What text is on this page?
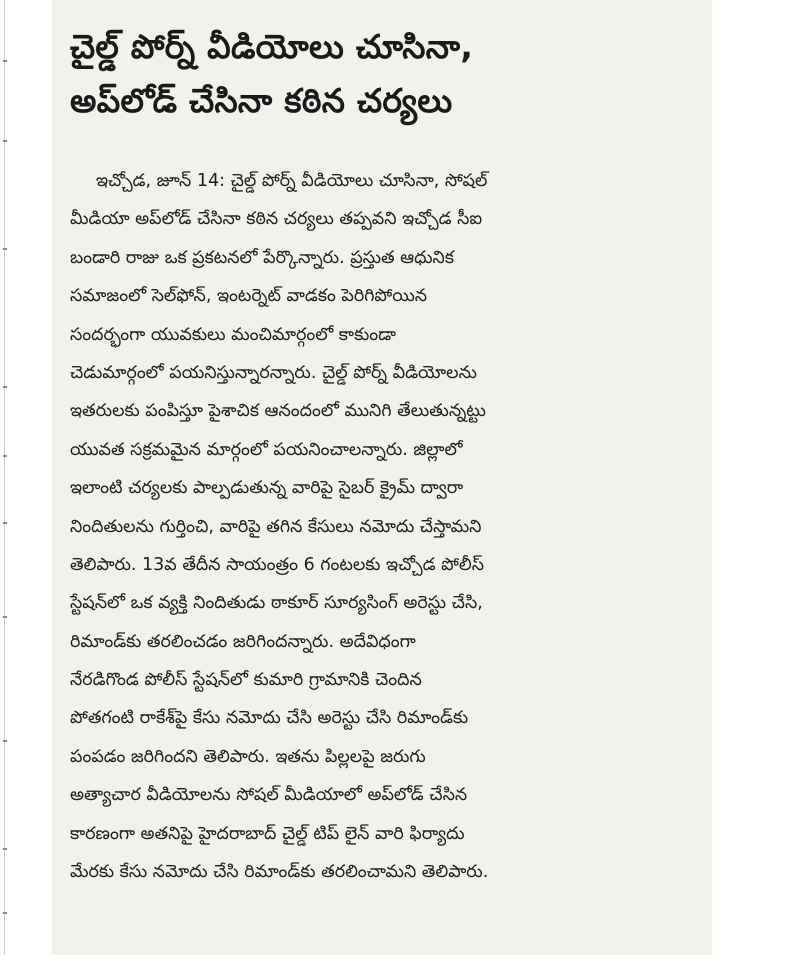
చైల్డ్ పోర్న్ వీడియోలు చూసినా,
అప్‌లోడ్ చేసినా కఠిన చర్యలు
ఇచ్చోడ, జూన్ 14: చైల్డ్ పోర్న్ వీడియోలు చూసినా, సోషల్
మీడియా అప్‌లోడ్ చేసినా కఠిన చర్యలు తప్పవని ఇచ్చోడ సీఐ
బండారి రాజు ఒక ప్రకటనలో పేర్కొన్నారు. ప్రస్తుత ఆధునిక
సమాజంలో సెల్‌ఫోన్, ఇంటర్నెట్ వాడకం పెరిగిపోయిన
సందర్భంగా యువకులు మంచిమార్గంలో కాకుండా
చెడుమార్గంలో పయనిస్తున్నారన్నారు. చైల్డ్ పోర్న్ వీడియోలను
ఇతరులకు పంపిస్తూ పైశాచిక ఆనందంలో మునిగి తేలుతున్నట్టు
యువత సక్రమమైన మార్గంలో పయనించాలన్నారు. జిల్లాలో
ఇలాంటి చర్యలకు పాల్పడుతున్న వారిపై సైబర్ క్రైమ్ ద్వారా
నిందితులను గుర్తించి, వారిపై తగిన కేసులు నమోదు చేస్తామని
తెలిపారు. 13వ తేదీన సాయంత్రం 6 గంటలకు ఇచ్చోడ పోలీస్
స్టేషన్‌లో ఒక వ్యక్తి నిందితుడు ఠాకూర్ సూర్యసింగ్ అరెస్టు చేసి,
రిమాండ్‌కు తరలించడం జరిగిందన్నారు. అదేవిధంగా
నేరడిగొండ పోలీస్ స్టేషన్‌లో కుమారి గ్రామానికి చెందిన
పోతగంటి రాకేశ్‌పై కేసు నమోదు చేసి అరెస్టు చేసి రిమాండ్‌కు
పంపడం జరిగిందని తెలిపారు. ఇతను పిల్లలపై జరుగు
అత్యాచార వీడియోలను సోషల్ మీడియాలో అప్‌లోడ్ చేసిన
కారణంగా అతనిపై హైదరాబాద్ చైల్డ్ టిప్ లైన్ వారి ఫిర్యాదు
మేరకు కేసు నమోదు చేసి రిమాండ్‌కు తరలించామని తెలిపారు.
